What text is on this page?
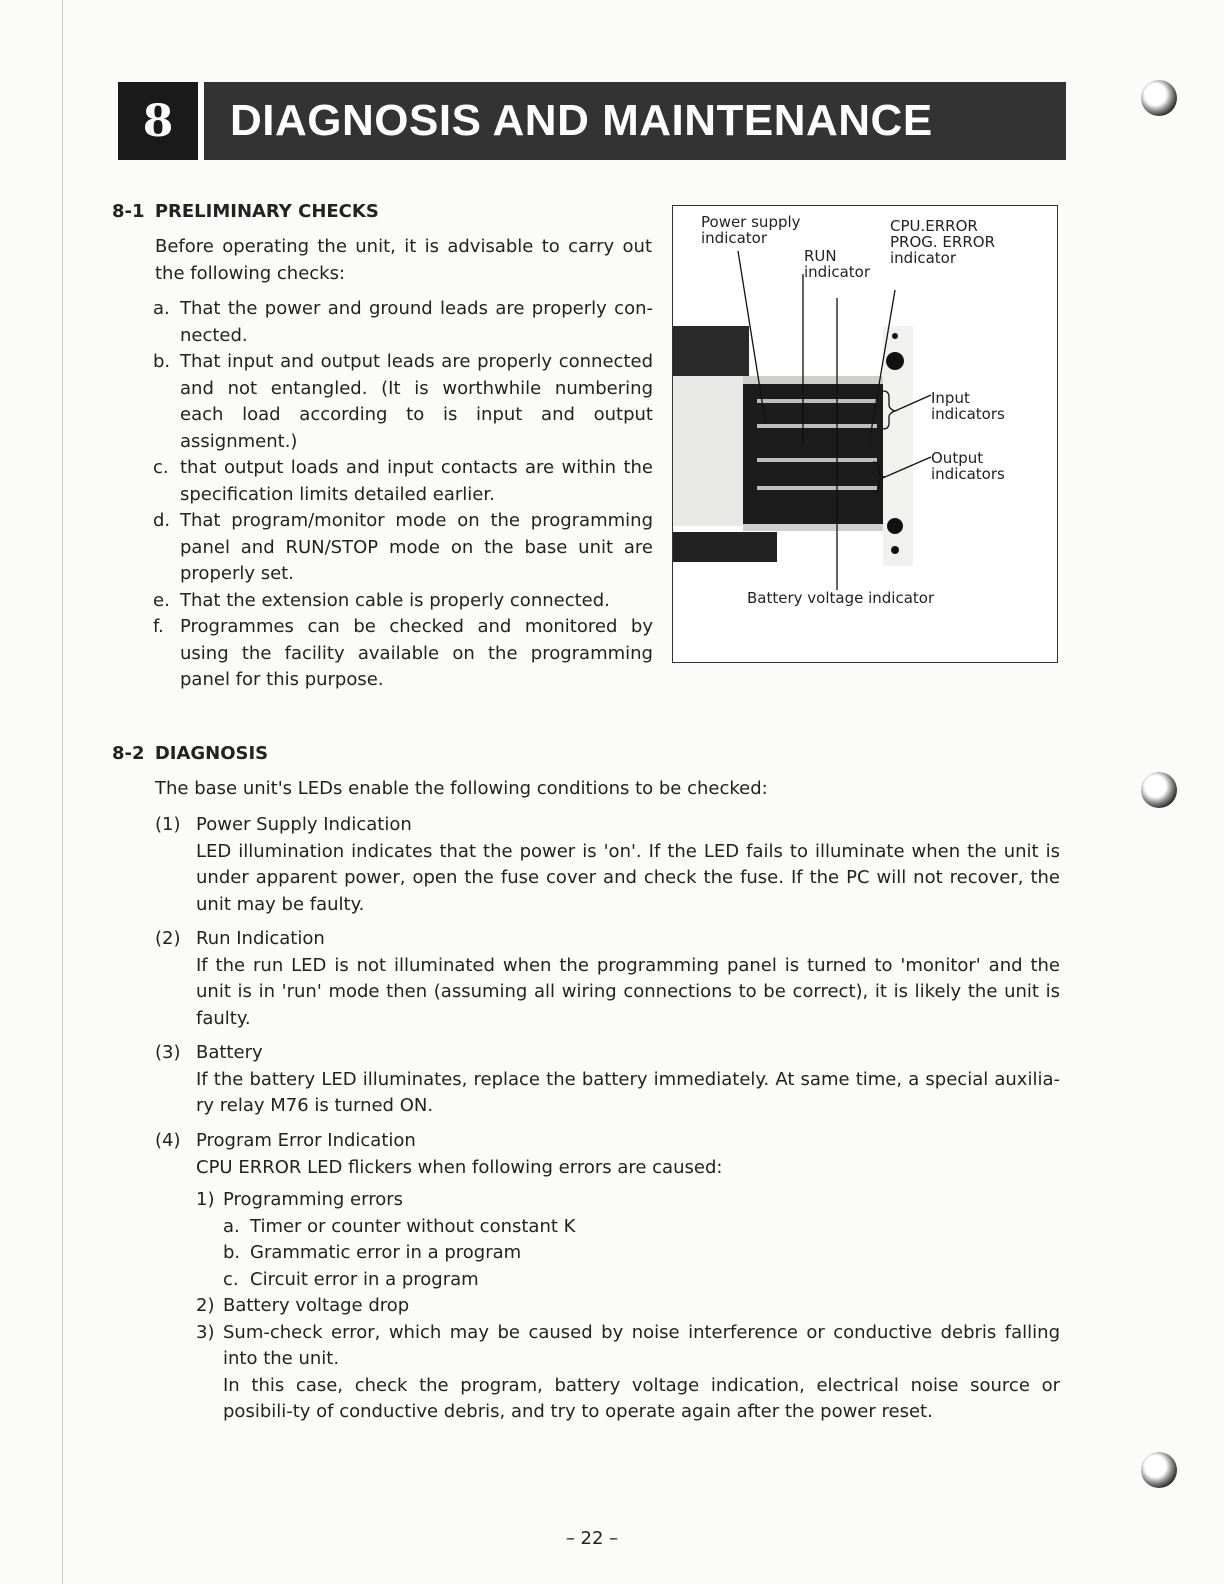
8	DIAGNOSIS AND MAINTENANCE
8-1 PRELIMINARY CHECKS
Before operating the unit, it is advisable to carry out the following checks:
a. That the power and ground leads are properly con-nected.
b. That input and output leads are properly connected and not entangled. (It is worthwhile numbering each load according to is input and output assignment.)
c. that output loads and input contacts are within the specification limits detailed earlier.
d. That program/monitor mode on the programming panel and RUN/STOP mode on the base unit are properly set.
e. That the extension cable is properly connected.
f. Programmes can be checked and monitored by using the facility available on the programming panel for this purpose.
Power supply
indicator
RUN
indicator
CPU.ERROR
PROG. ERROR
indicator
Input
indicators
Output
indicators
Battery voltage indicator
8-2 DIAGNOSIS
The base unit's LEDs enable the following conditions to be checked:
(1) Power Supply Indication
LED illumination indicates that the power is 'on'. If the LED fails to illuminate when the unit is under apparent power, open the fuse cover and check the fuse. If the PC will not recover, the unit may be faulty.
(2) Run Indication
If the run LED is not illuminated when the programming panel is turned to 'monitor' and the unit is in 'run' mode then (assuming all wiring connections to be correct), it is likely the unit is faulty.
(3) Battery
If the battery LED illuminates, replace the battery immediately. At same time, a special auxilia-ry relay M76 is turned ON.
(4) Program Error Indication
CPU ERROR LED flickers when following errors are caused:
1) Programming errors
a. Timer or counter without constant K
b. Grammatic error in a program
c. Circuit error in a program
2) Battery voltage drop
3) Sum-check error, which may be caused by noise interference or conductive debris falling into the unit.
In this case, check the program, battery voltage indication, electrical noise source or posibili-ty of conductive debris, and try to operate again after the power reset.
– 22 –
